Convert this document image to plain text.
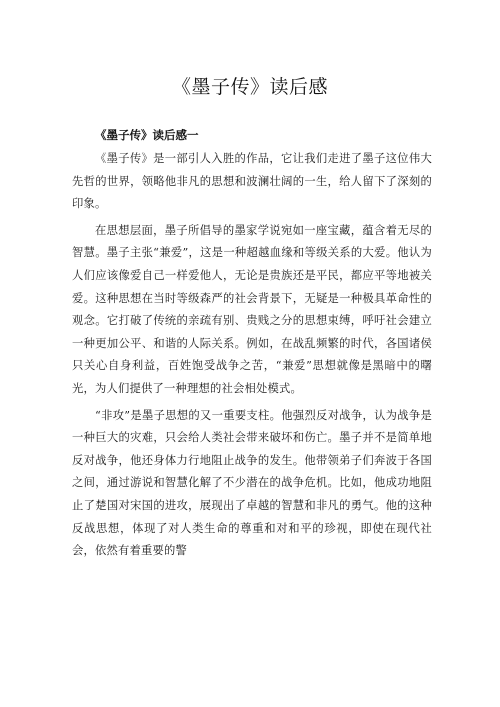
《墨子传》读后感
《墨子传》读后感一

《墨子传》是一部引人入胜的作品，它让我们走进了墨子这位伟大先哲的世界，领略他非凡的思想和波澜壮阔的一生，给人留下了深刻的印象。

在思想层面，墨子所倡导的墨家学说宛如一座宝藏，蕴含着无尽的智慧。墨子主张“兼爱”，这是一种超越血缘和等级关系的大爱。他认为人们应该像爱自己一样爱他人，无论是贵族还是平民，都应平等地被关爱。这种思想在当时等级森严的社会背景下，无疑是一种极具革命性的观念。它打破了传统的亲疏有别、贵贱之分的思想束缚，呼吁社会建立一种更加公平、和谐的人际关系。例如，在战乱频繁的时代，各国诸侯只关心自身利益，百姓饱受战争之苦，“兼爱”思想就像是黑暗中的曙光，为人们提供了一种理想的社会相处模式。

“非攻”是墨子思想的又一重要支柱。他强烈反对战争，认为战争是一种巨大的灾难，只会给人类社会带来破坏和伤亡。墨子并不是简单地反对战争，他还身体力行地阻止战争的发生。他带领弟子们奔波于各国之间，通过游说和智慧化解了不少潜在的战争危机。比如，他成功地阻止了楚国对宋国的进攻，展现出了卓越的智慧和非凡的勇气。他的这种反战思想，体现了对人类生命的尊重和对和平的珍视，即使在现代社会，依然有着重要的警
